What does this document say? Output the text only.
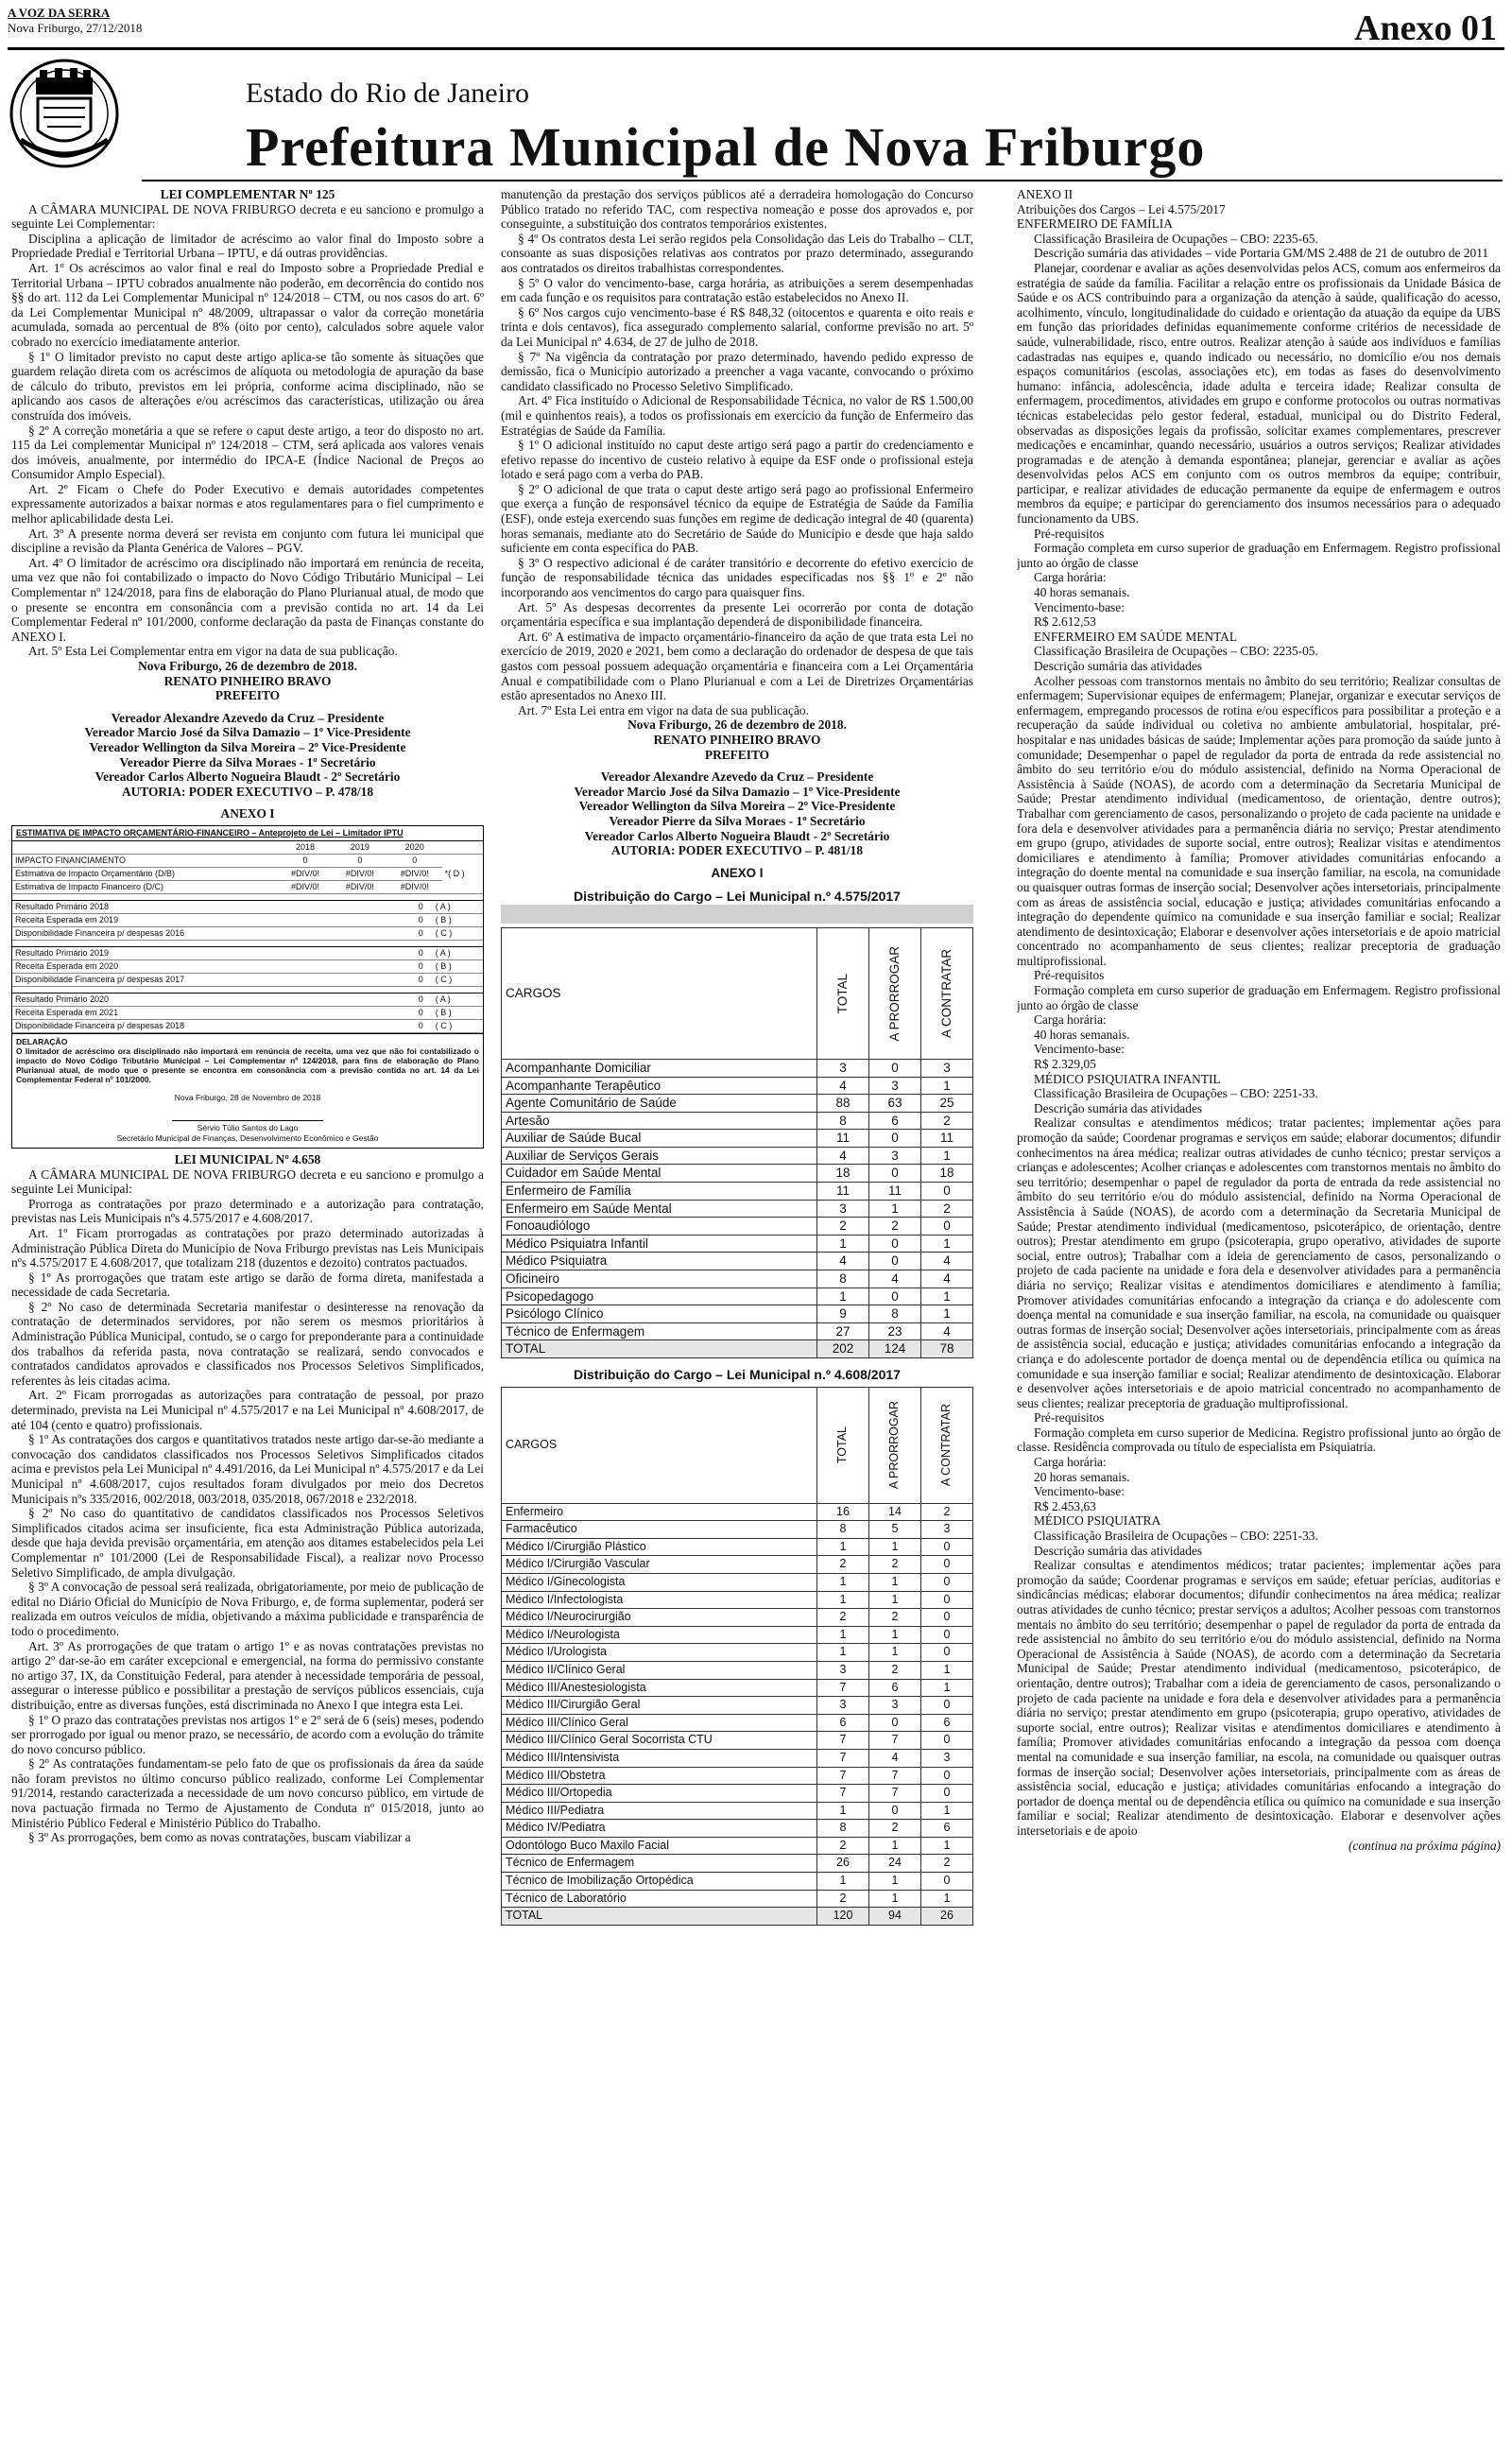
A VOZ DA SERRA
Nova Friburgo, 27/12/2018	Anexo 01
Estado do Rio de Janeiro
Prefeitura Municipal de Nova Friburgo

LEI COMPLEMENTAR Nº 125

A CÂMARA MUNICIPAL DE NOVA FRIBURGO decreta e eu sanciono e promulgo a seguinte Lei Complementar:

Disciplina a aplicação de limitador de acréscimo ao valor final do Imposto sobre a Propriedade Predial e Territorial Urbana – IPTU, e dá outras providências.

Art. 1º Os acréscimos ao valor final e real do Imposto sobre a Propriedade Predial e Territorial Urbana – IPTU cobrados anualmente não poderão, em decorrência do contido nos §§ do art. 112 da Lei Complementar Municipal nº 124/2018 – CTM, ou nos casos do art. 6º da Lei Complementar Municipal nº 48/2009, ultrapassar o valor da correção monetária acumulada, somada ao percentual de 8% (oito por cento), calculados sobre aquele valor cobrado no exercício imediatamente anterior.

§ 1º O limitador previsto no caput deste artigo aplica-se tão somente às situações que guardem relação direta com os acréscimos de alíquota ou metodologia de apuração da base de cálculo do tributo, previstos em lei própria, conforme acima disciplinado, não se aplicando aos casos de alterações e/ou acréscimos das características, utilização ou área construída dos imóveis.

§ 2º A correção monetária a que se refere o caput deste artigo, a teor do disposto no art. 115 da Lei complementar Municipal nº 124/2018 – CTM, será aplicada aos valores venais dos imóveis, anualmente, por intermédio do IPCA-E (Índice Nacional de Preços ao Consumidor Amplo Especial).

Art. 2º Ficam o Chefe do Poder Executivo e demais autoridades competentes expressamente autorizados a baixar normas e atos regulamentares para o fiel cumprimento e melhor aplicabilidade desta Lei.

Art. 3º A presente norma deverá ser revista em conjunto com futura lei municipal que discipline a revisão da Planta Genérica de Valores – PGV.

Art. 4º O limitador de acréscimo ora disciplinado não importará em renúncia de receita, uma vez que não foi contabilizado o impacto do Novo Código Tributário Municipal – Lei Complementar nº 124/2018, para fins de elaboração do Plano Plurianual atual, de modo que o presente se encontra em consonância com a previsão contida no art. 14 da Lei Complementar Federal nº 101/2000, conforme declaração da pasta de Finanças constante do ANEXO I.

Art. 5º Esta Lei Complementar entra em vigor na data de sua publicação.

Nova Friburgo, 26 de dezembro de 2018.

RENATO PINHEIRO BRAVO

PREFEITO

Vereador Alexandre Azevedo da Cruz – Presidente

Vereador Marcio José da Silva Damazio – 1º Vice-Presidente

Vereador Wellington da Silva Moreira – 2º Vice-Presidente

Vereador Pierre da Silva Moraes - 1º Secretário

Vereador Carlos Alberto Nogueira Blaudt - 2º Secretário

AUTORIA: PODER EXECUTIVO – P. 478/18

ANEXO I

ESTIMATIVA DE IMPACTO ORÇAMENTÁRIO-FINANCEIRO – Anteprojeto de Lei – Limitador IPTU
	2018	2019	2020	
IMPACTO FINANCIAMENTO	0	0	0	*( D )
Estimativa de Impacto Orçamentário (D/B)	#DIV/0!	#DIV/0!	#DIV/0!	
Estimativa de Impacto Financeiro (D/C)	#DIV/0!	#DIV/0!	#DIV/0!	
Resultado Primário 2018	0	( A )
Receita Esperada em 2019	0	( B )
Disponibilidade Financeira p/ despesas 2016	0	( C )
Resultado Primário 2019	0	( A )
Receita Esperada em 2020	0	( B )
Disponibilidade Financeira p/ despesas 2017	0	( C )
Resultado Primário 2020	0	( A )
Receita Esperada em 2021	0	( B )
Disponibilidade Financeira p/ despesas 2018	0	( C )
DELARAÇÃO
O limitador de acréscimo ora disciplinado não importará em renúncia de receita, uma vez que não foi contabilizado o impacto do Novo Código Tributário Municipal – Lei Complementar nº 124/2018, para fins de elaboração do Plano Plurianual atual, de modo que o presente se encontra em consonância com a previsão contida no art. 14 da Lei Complementar Federal nº 101/2000.
Nova Friburgo, 28 de Novembro de 2018
Sérvio Túlio Santos do Lago
Secretário Municipal de Finanças, Desenvolvimento Econômico e Gestão

LEI MUNICIPAL Nº 4.658

A CÂMARA MUNICIPAL DE NOVA FRIBURGO decreta e eu sanciono e promulgo a seguinte Lei Municipal:

Prorroga as contratações por prazo determinado e a autorização para contratação, previstas nas Leis Municipais nºs 4.575/2017 e 4.608/2017.

Art. 1º Ficam prorrogadas as contratações por prazo determinado autorizadas à Administração Pública Direta do Município de Nova Friburgo previstas nas Leis Municipais nºs 4.575/2017 E 4.608/2017, que totalizam 218 (duzentos e dezoito) contratos pactuados.

§ 1º As prorrogações que tratam este artigo se darão de forma direta, manifestada a necessidade de cada Secretaria.

§ 2º No caso de determinada Secretaria manifestar o desinteresse na renovação da contratação de determinados servidores, por não serem os mesmos prioritários à Administração Pública Municipal, contudo, se o cargo for preponderante para a continuidade dos trabalhos da referida pasta, nova contratação se realizará, sendo convocados e contratados candidatos aprovados e classificados nos Processos Seletivos Simplificados, referentes às leis citadas acima.

Art. 2º Ficam prorrogadas as autorizações para contratação de pessoal, por prazo determinado, prevista na Lei Municipal nº 4.575/2017 e na Lei Municipal nº 4.608/2017, de até 104 (cento e quatro) profissionais.

§ 1º As contratações dos cargos e quantitativos tratados neste artigo dar-se-ão mediante a convocação dos candidatos classificados nos Processos Seletivos Simplificados citados acima e previstos pela Lei Municipal nº 4.491/2016, da Lei Municipal nº 4.575/2017 e da Lei Municipal nº 4.608/2017, cujos resultados foram divulgados por meio dos Decretos Municipais nºs 335/2016, 002/2018, 003/2018, 035/2018, 067/2018 e 232/2018.

§ 2º No caso do quantitativo de candidatos classificados nos Processos Seletivos Simplificados citados acima ser insuficiente, fica esta Administração Pública autorizada, desde que haja devida previsão orçamentária, em atenção aos ditames estabelecidos pela Lei Complementar nº 101/2000 (Lei de Responsabilidade Fiscal), a realizar novo Processo Seletivo Simplificado, de ampla divulgação.

§ 3º A convocação de pessoal será realizada, obrigatoriamente, por meio de publicação de edital no Diário Oficial do Município de Nova Friburgo, e, de forma suplementar, poderá ser realizada em outros veículos de mídia, objetivando a máxima publicidade e transparência de todo o procedimento.

Art. 3º As prorrogações de que tratam o artigo 1º e as novas contratações previstas no artigo 2º dar-se-ão em caráter excepcional e emergencial, na forma do permissivo constante no artigo 37, IX, da Constituição Federal, para atender à necessidade temporária de pessoal, assegurar o interesse público e possibilitar a prestação de serviços públicos essenciais, cuja distribuição, entre as diversas funções, está discriminada no Anexo I que integra esta Lei.

§ 1º O prazo das contratações previstas nos artigos 1º e 2º será de 6 (seis) meses, podendo ser prorrogado por igual ou menor prazo, se necessário, de acordo com a evolução do trâmite do novo concurso público.

§ 2º As contratações fundamentam-se pelo fato de que os profissionais da área da saúde não foram previstos no último concurso público realizado, conforme Lei Complementar 91/2014, restando caracterizada a necessidade de um novo concurso público, em virtude de nova pactuação firmada no Termo de Ajustamento de Conduta nº 015/2018, junto ao Ministério Público Federal e Ministério Público do Trabalho.

§ 3º As prorrogações, bem como as novas contratações, buscam viabilizar a

manutenção da prestação dos serviços públicos até a derradeira homologação do Concurso Público tratado no referido TAC, com respectiva nomeação e posse dos aprovados e, por conseguinte, a substituição dos contratos temporários existentes.

§ 4º Os contratos desta Lei serão regidos pela Consolidação das Leis do Trabalho – CLT, consoante as suas disposições relativas aos contratos por prazo determinado, assegurando aos contratados os direitos trabalhistas correspondentes.

§ 5º O valor do vencimento-base, carga horária, as atribuições a serem desempenhadas em cada função e os requisitos para contratação estão estabelecidos no Anexo II.

§ 6º Nos cargos cujo vencimento-base é R$ 848,32 (oitocentos e quarenta e oito reais e trinta e dois centavos), fica assegurado complemento salarial, conforme previsão no art. 5º da Lei Municipal nº 4.634, de 27 de julho de 2018.

§ 7º Na vigência da contratação por prazo determinado, havendo pedido expresso de demissão, fica o Município autorizado a preencher a vaga vacante, convocando o próximo candidato classificado no Processo Seletivo Simplificado.

Art. 4º Fica instituído o Adicional de Responsabilidade Técnica, no valor de R$ 1.500,00 (mil e quinhentos reais), a todos os profissionais em exercício da função de Enfermeiro das Estratégias de Saúde da Família.

§ 1º O adicional instituído no caput deste artigo será pago a partir do credenciamento e efetivo repasse do incentivo de custeio relativo à equipe da ESF onde o profissional esteja lotado e será pago com a verba do PAB.

§ 2º O adicional de que trata o caput deste artigo será pago ao profissional Enfermeiro que exerça a função de responsável técnico da equipe de Estratégia de Saúde da Família (ESF), onde esteja exercendo suas funções em regime de dedicação integral de 40 (quarenta) horas semanais, mediante ato do Secretário de Saúde do Município e desde que haja saldo suficiente em conta específica do PAB.

§ 3º O respectivo adicional é de caráter transitório e decorrente do efetivo exercício de função de responsabilidade técnica das unidades especificadas nos §§ 1º e 2º não incorporando aos vencimentos do cargo para quaisquer fins.

Art. 5º As despesas decorrentes da presente Lei ocorrerão por conta de dotação orçamentária específica e sua implantação dependerá de disponibilidade financeira.

Art. 6º A estimativa de impacto orçamentário-financeiro da ação de que trata esta Lei no exercício de 2019, 2020 e 2021, bem como a declaração do ordenador de despesa de que tais gastos com pessoal possuem adequação orçamentária e financeira com a Lei Orçamentária Anual e compatibilidade com o Plano Plurianual e com a Lei de Diretrizes Orçamentárias estão apresentados no Anexo III.

Art. 7º Esta Lei entra em vigor na data de sua publicação.

Nova Friburgo, 26 de dezembro de 2018.

RENATO PINHEIRO BRAVO

PREFEITO

Vereador Alexandre Azevedo da Cruz – Presidente

Vereador Marcio José da Silva Damazio – 1º Vice-Presidente

Vereador Wellington da Silva Moreira – 2º Vice-Presidente

Vereador Pierre da Silva Moraes - 1º Secretário

Vereador Carlos Alberto Nogueira Blaudt - 2º Secretário

AUTORIA: PODER EXECUTIVO – P. 481/18

ANEXO I

Distribuição do Cargo – Lei Municipal n.º 4.575/2017
CARGOS	TOTAL	A PRORROGAR	A CONTRATAR

Acompanhante Domiciliar	3	0	3
Acompanhante Terapêutico	4	3	1
Agente Comunitário de Saúde	88	63	25
Artesão	8	6	2
Auxiliar de Saúde Bucal	11	0	11
Auxiliar de Serviços Gerais	4	3	1
Cuidador em Saúde Mental	18	0	18
Enfermeiro de Família	11	11	0
Enfermeiro em Saúde Mental	3	1	2
Fonoaudiólogo	2	2	0
Médico Psiquiatra Infantil	1	0	1
Médico Psiquiatra	4	0	4
Oficineiro	8	4	4
Psicopedagogo	1	0	1
Psicólogo Clínico	9	8	1
Técnico de Enfermagem	27	23	4
TOTAL	202	124	78
Distribuição do Cargo – Lei Municipal n.º 4.608/2017
CARGOS	TOTAL	A PRORROGAR	A CONTRATAR

Enfermeiro	16	14	2
Farmacêutico	8	5	3
Médico I/Cirurgião Plástico	1	1	0
Médico I/Cirurgião Vascular	2	2	0
Médico I/Ginecologista	1	1	0
Médico I/Infectologista	1	1	0
Médico I/Neurocirurgião	2	2	0
Médico I/Neurologista	1	1	0
Médico I/Urologista	1	1	0
Médico II/Clínico Geral	3	2	1
Médico III/Anestesiologista	7	6	1
Médico III/Cirurgião Geral	3	3	0
Médico III/Clínico Geral	6	0	6
Médico III/Clínico Geral Socorrista CTU	7	7	0
Médico III/Intensivista	7	4	3
Médico III/Obstetra	7	7	0
Médico III/Ortopedia	7	7	0
Médico III/Pediatra	1	0	1
Médico IV/Pediatra	8	2	6
Odontólogo Buco Maxilo Facial	2	1	1
Técnico de Enfermagem	26	24	2
Técnico de Imobilização Ortopédica	1	1	0
Técnico de Laboratório	2	1	1
TOTAL	120	94	26

ANEXO II

Atribuições dos Cargos – Lei 4.575/2017

ENFERMEIRO DE FAMÍLIA

Classificação Brasileira de Ocupações – CBO: 2235-65.

Descrição sumária das atividades – vide Portaria GM/MS 2.488 de 21 de outubro de 2011

Planejar, coordenar e avaliar as ações desenvolvidas pelos ACS, comum aos enfermeiros da estratégia de saúde da família. Facilitar a relação entre os profissionais da Unidade Básica de Saúde e os ACS contribuindo para a organização da atenção à saúde, qualificação do acesso, acolhimento, vínculo, longitudinalidade do cuidado e orientação da atuação da equipe da UBS em função das prioridades definidas equanimemente conforme critérios de necessidade de saúde, vulnerabilidade, risco, entre outros. Realizar atenção à saúde aos indivíduos e famílias cadastradas nas equipes e, quando indicado ou necessário, no domicílio e/ou nos demais espaços comunitários (escolas, associações etc), em todas as fases do desenvolvimento humano: infância, adolescência, idade adulta e terceira idade; Realizar consulta de enfermagem, procedimentos, atividades em grupo e conforme protocolos ou outras normativas técnicas estabelecidas pelo gestor federal, estadual, municipal ou do Distrito Federal, observadas as disposições legais da profissão, solicitar exames complementares, prescrever medicações e encaminhar, quando necessário, usuários a outros serviços; Realizar atividades programadas e de atenção à demanda espontânea; planejar, gerenciar e avaliar as ações desenvolvidas pelos ACS em conjunto com os outros membros da equipe; contribuir, participar, e realizar atividades de educação permanente da equipe de enfermagem e outros membros da equipe; e participar do gerenciamento dos insumos necessários para o adequado funcionamento da UBS.

Pré-requisitos

Formação completa em curso superior de graduação em Enfermagem. Registro profissional junto ao órgão de classe

Carga horária:

40 horas semanais.

Vencimento-base:

R$ 2.612,53

ENFERMEIRO EM SAÚDE MENTAL

Classificação Brasileira de Ocupações – CBO: 2235-05.

Descrição sumária das atividades

Acolher pessoas com transtornos mentais no âmbito do seu território; Realizar consultas de enfermagem; Supervisionar equipes de enfermagem; Planejar, organizar e executar serviços de enfermagem, empregando processos de rotina e/ou específicos para possibilitar a proteção e a recuperação da saúde individual ou coletiva no ambiente ambulatorial, hospitalar, pré-hospitalar e nas unidades básicas de saúde; Implementar ações para promoção da saúde junto à comunidade; Desempenhar o papel de regulador da porta de entrada da rede assistencial no âmbito do seu território e/ou do módulo assistencial, definido na Norma Operacional de Assistência à Saúde (NOAS), de acordo com a determinação da Secretaria Municipal de Saúde; Prestar atendimento individual (medicamentoso, de orientação, dentre outros); Trabalhar com gerenciamento de casos, personalizando o projeto de cada paciente na unidade e fora dela e desenvolver atividades para a permanência diária no serviço; Prestar atendimento em grupo (grupo, atividades de suporte social, entre outros); Realizar visitas e atendimentos domiciliares e atendimento à família; Promover atividades comunitárias enfocando a integração do doente mental na comunidade e sua inserção familiar, na escola, na comunidade ou quaisquer outras formas de inserção social; Desenvolver ações intersetoriais, principalmente com as áreas de assistência social, educação e justiça; atividades comunitárias enfocando a integração do dependente químico na comunidade e sua inserção familiar e social; Realizar atendimento de desintoxicação; Elaborar e desenvolver ações intersetoriais e de apoio matricial concentrado no acompanhamento de seus clientes; realizar preceptoria de graduação multiprofissional.

Pré-requisitos

Formação completa em curso superior de graduação em Enfermagem. Registro profissional junto ao órgão de classe

Carga horária:

40 horas semanais.

Vencimento-base:

R$ 2.329,05

MÉDICO PSIQUIATRA INFANTIL

Classificação Brasileira de Ocupações – CBO: 2251-33.

Descrição sumária das atividades

Realizar consultas e atendimentos médicos; tratar pacientes; implementar ações para promoção da saúde; Coordenar programas e serviços em saúde; elaborar documentos; difundir conhecimentos na área médica; realizar outras atividades de cunho técnico; prestar serviços a crianças e adolescentes; Acolher crianças e adolescentes com transtornos mentais no âmbito do seu território; desempenhar o papel de regulador da porta de entrada da rede assistencial no âmbito do seu território e/ou do módulo assistencial, definido na Norma Operacional de Assistência à Saúde (NOAS), de acordo com a determinação da Secretaria Municipal de Saúde; Prestar atendimento individual (medicamentoso, psicoterápico, de orientação, dentre outros); Prestar atendimento em grupo (psicoterapia, grupo operativo, atividades de suporte social, entre outros); Trabalhar com a ideia de gerenciamento de casos, personalizando o projeto de cada paciente na unidade e fora dela e desenvolver atividades para a permanência diária no serviço; Realizar visitas e atendimentos domiciliares e atendimento à família; Promover atividades comunitárias enfocando a integração da criança e do adolescente com doença mental na comunidade e sua inserção familiar, na escola, na comunidade ou quaisquer outras formas de inserção social; Desenvolver ações intersetoriais, principalmente com as áreas de assistência social, educação e justiça; atividades comunitárias enfocando a integração da criança e do adolescente portador de doença mental ou de dependência etílica ou química na comunidade e sua inserção familiar e social; Realizar atendimento de desintoxicação. Elaborar e desenvolver ações intersetoriais e de apoio matricial concentrado no acompanhamento de seus clientes; realizar preceptoria de graduação multiprofissional.

Pré-requisitos

Formação completa em curso superior de Medicina. Registro profissional junto ao órgão de classe. Residência comprovada ou título de especialista em Psiquiatria.

Carga horária:

20 horas semanais.

Vencimento-base:

R$ 2.453,63

MÉDICO PSIQUIATRA

Classificação Brasileira de Ocupações – CBO: 2251-33.

Descrição sumária das atividades

Realizar consultas e atendimentos médicos; tratar pacientes; implementar ações para promoção da saúde; Coordenar programas e serviços em saúde; efetuar perícias, auditorias e sindicâncias médicas; elaborar documentos; difundir conhecimentos na área médica; realizar outras atividades de cunho técnico; prestar serviços a adultos; Acolher pessoas com transtornos mentais no âmbito do seu território; desempenhar o papel de regulador da porta de entrada da rede assistencial no âmbito do seu território e/ou do módulo assistencial, definido na Norma Operacional de Assistência à Saúde (NOAS), de acordo com a determinação da Secretaria Municipal de Saúde; Prestar atendimento individual (medicamentoso, psicoterápico, de orientação, dentre outros); Trabalhar com a ideia de gerenciamento de casos, personalizando o projeto de cada paciente na unidade e fora dela e desenvolver atividades para a permanência diária no serviço; prestar atendimento em grupo (psicoterapia, grupo operativo, atividades de suporte social, entre outros); Realizar visitas e atendimentos domiciliares e atendimento à família; Promover atividades comunitárias enfocando a integração da pessoa com doença mental na comunidade e sua inserção familiar, na escola, na comunidade ou quaisquer outras formas de inserção social; Desenvolver ações intersetoriais, principalmente com as áreas de assistência social, educação e justiça; atividades comunitárias enfocando a integração do portador de doença mental ou de dependência etílica ou químico na comunidade e sua inserção familiar e social; Realizar atendimento de desintoxicação. Elaborar e desenvolver ações intersetoriais e de apoio

(continua na próxima página)
